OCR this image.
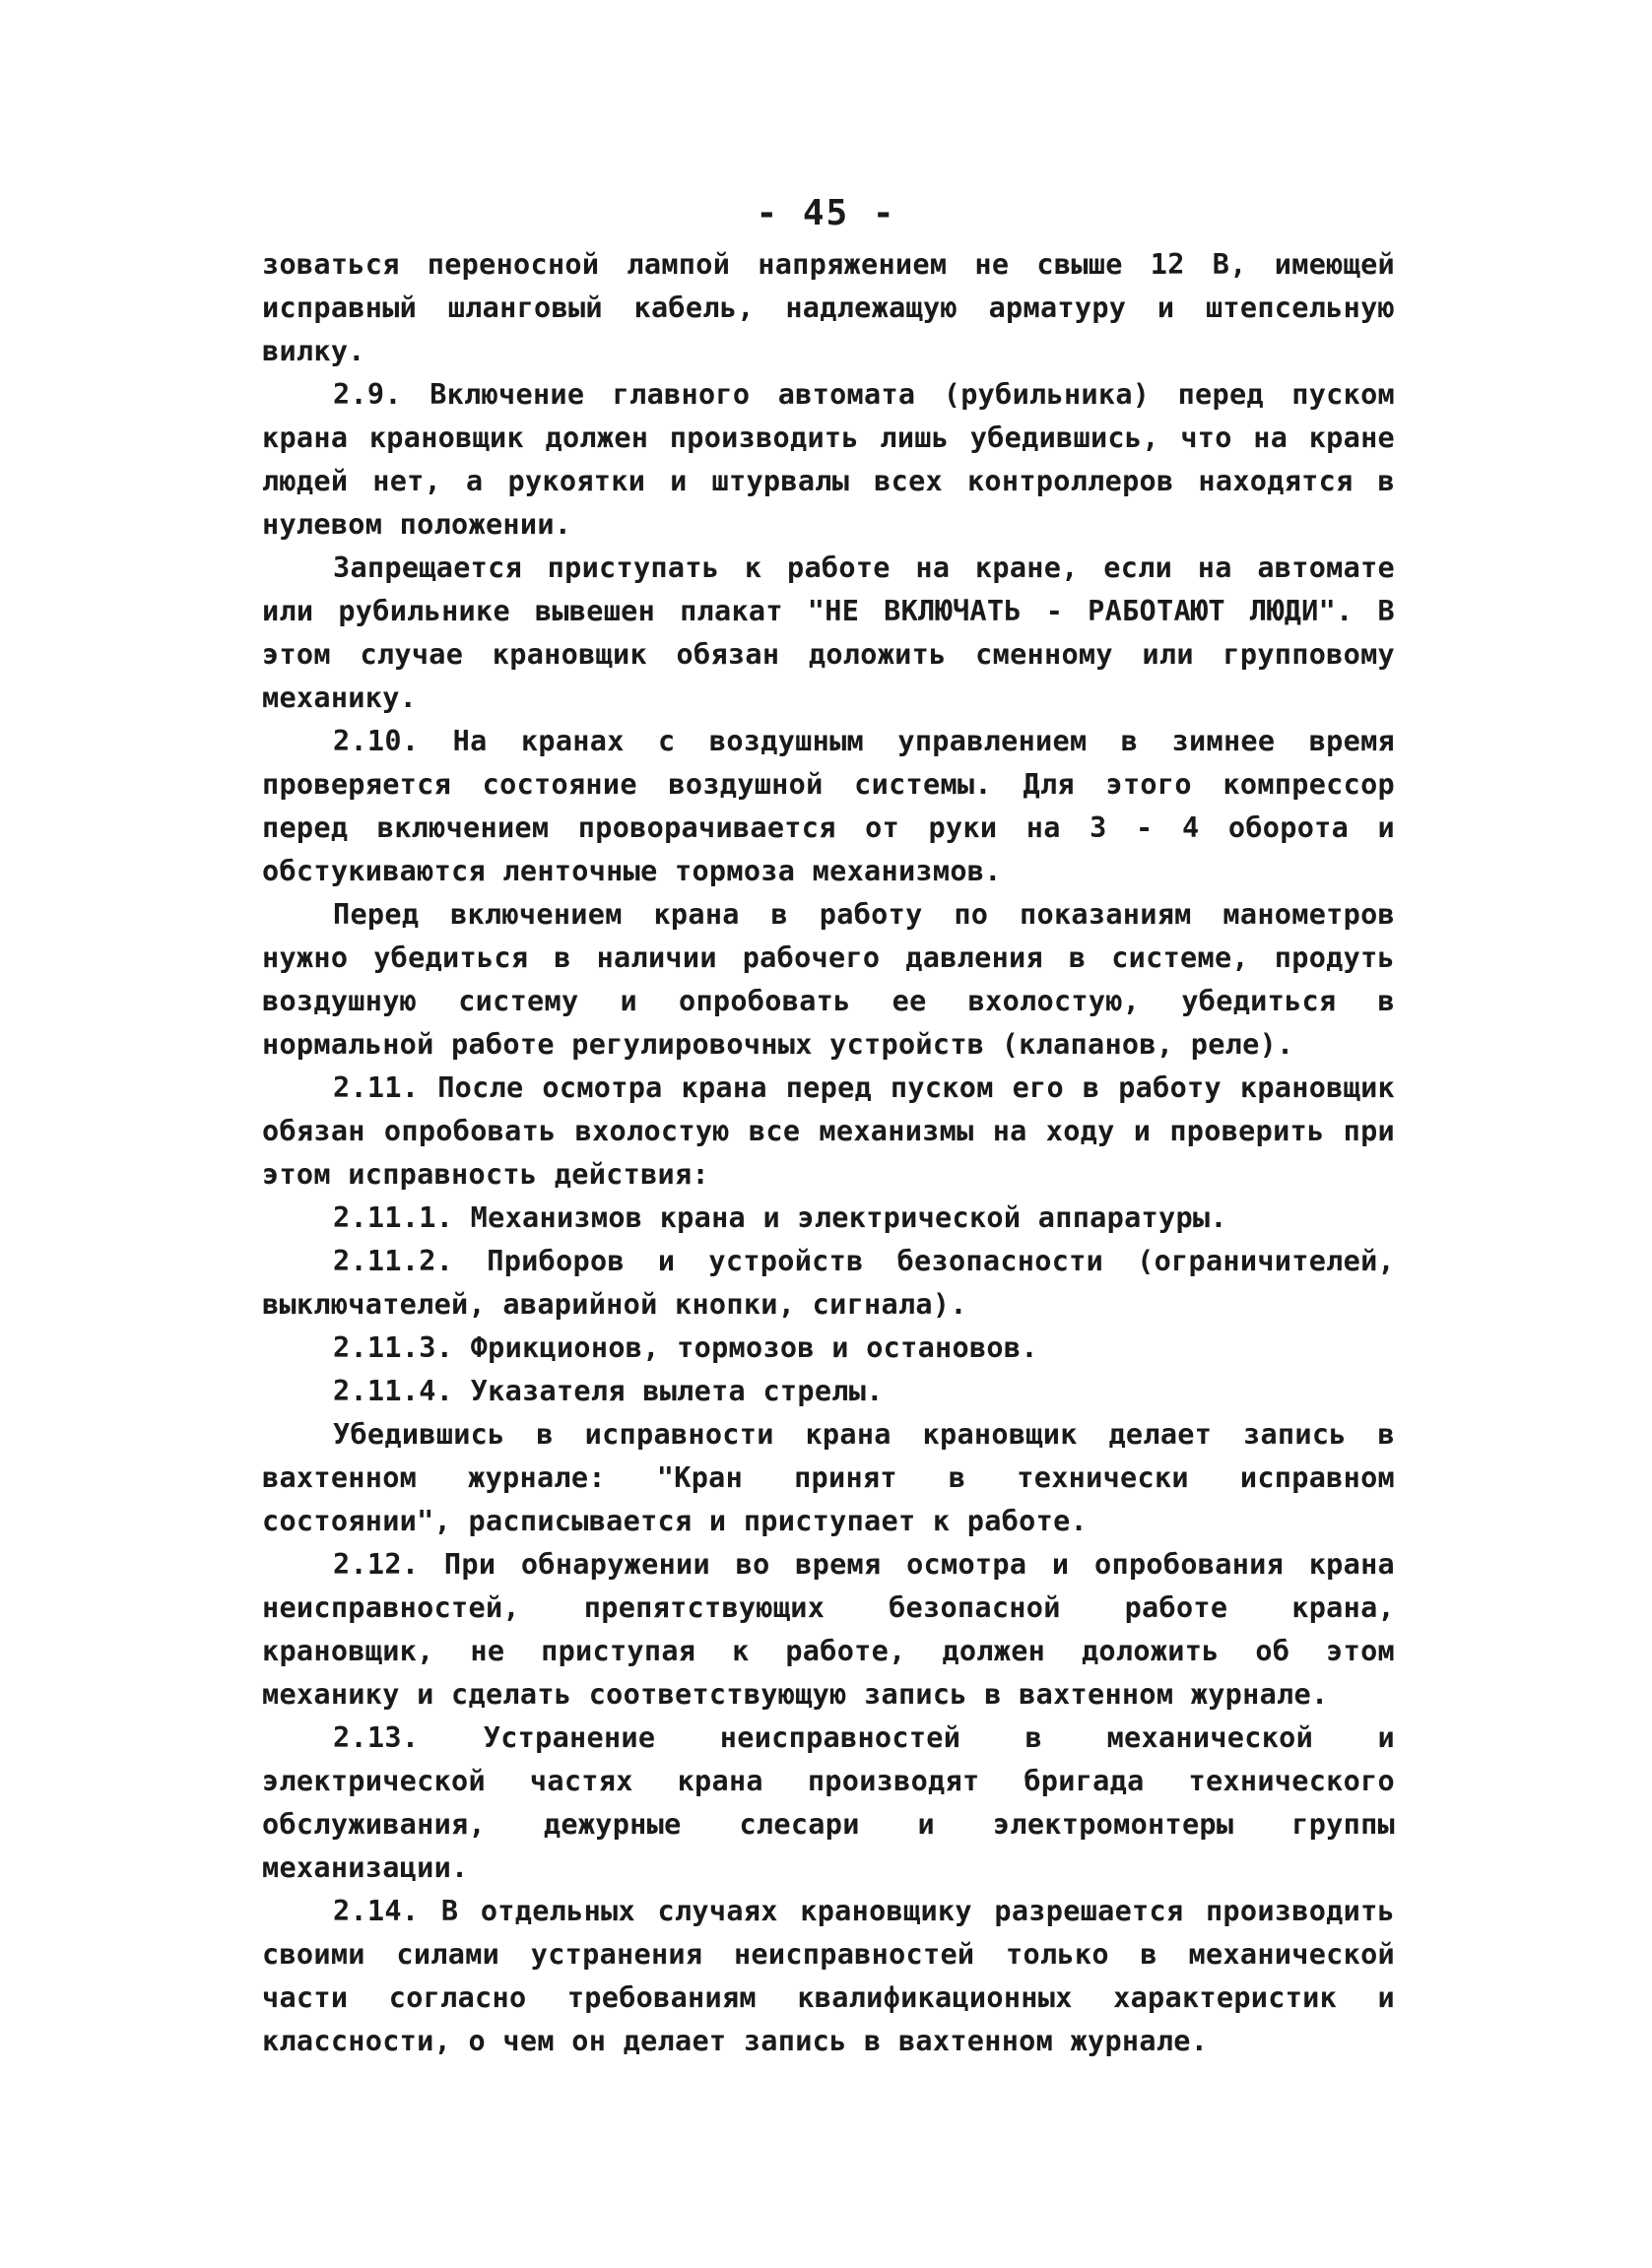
- 45 -

зоваться переносной лампой напряжением не свыше 12 В, имеющей исправный шланговый кабель, надлежащую арматуру и штепсельную вилку.

2.9. Включение главного автомата (рубильника) перед пуском крана крановщик должен производить лишь убедившись, что на кране людей нет, а рукоятки и штурвалы всех контроллеров находятся в нулевом положении.

Запрещается приступать к работе на кране, если на автомате или рубильнике вывешен плакат "НЕ ВКЛЮЧАТЬ - РАБОТАЮТ ЛЮДИ". В этом случае крановщик обязан доложить сменному или групповому механику.

2.10. На кранах с воздушным управлением в зимнее время проверяется состояние воздушной системы. Для этого компрессор перед включением проворачивается от руки на 3 - 4 оборота и обстукиваются ленточные тормоза механизмов.

Перед включением крана в работу по показаниям манометров нужно убедиться в наличии рабочего давления в системе, продуть воздушную систему и опробовать ее вхолостую, убедиться в нормальной работе регулировочных устройств (клапанов, реле).

2.11. После осмотра крана перед пуском его в работу крановщик обязан опробовать вхолостую все механизмы на ходу и проверить при этом исправность действия:

2.11.1. Механизмов крана и электрической аппаратуры.

2.11.2. Приборов и устройств безопасности (ограничителей, выключателей, аварийной кнопки, сигнала).

2.11.3. Фрикционов, тормозов и остановов.

2.11.4. Указателя вылета стрелы.

Убедившись в исправности крана крановщик делает запись в вахтенном журнале: "Кран принят в технически исправном состоянии", расписывается и приступает к работе.

2.12. При обнаружении во время осмотра и опробования крана неисправностей, препятствующих безопасной работе крана, крановщик, не приступая к работе, должен доложить об этом механику и сделать соответствующую запись в вахтенном журнале.

2.13. Устранение неисправностей в механической и электрической частях крана производят бригада технического обслуживания, дежурные слесари и электромонтеры группы механизации.

2.14. В отдельных случаях крановщику разрешается производить своими силами устранения неисправностей только в механической части согласно требованиям квалификационных характеристик и классности, о чем он делает запись в вахтенном журнале.
